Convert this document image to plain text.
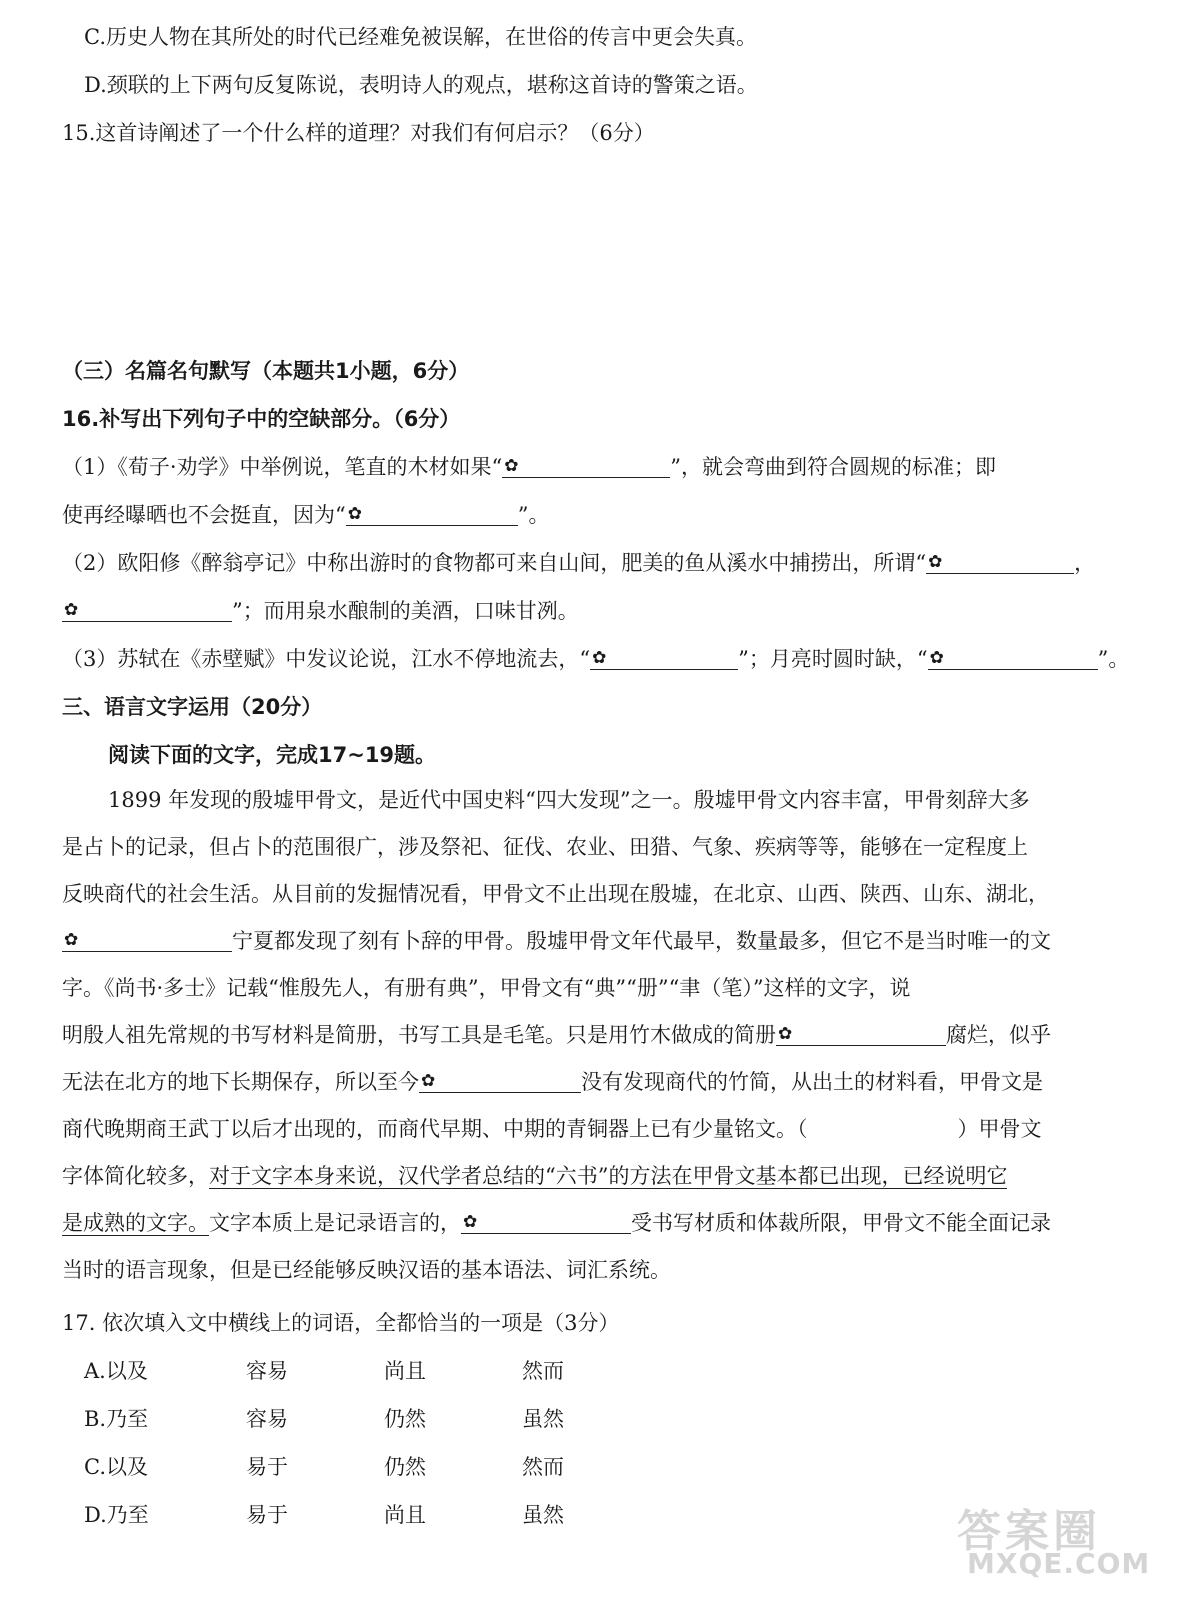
C.历史人物在其所处的时代已经难免被误解，在世俗的传言中更会失真。
D.颈联的上下两句反复陈说，表明诗人的观点，堪称这首诗的警策之语。
15.这首诗阐述了一个什么样的道理？对我们有何启示？（6分）
（三）名篇名句默写（本题共1小题，6分）
16.补写出下列句子中的空缺部分。（6分）
（1）《荀子·劝学》中举例说，笔直的木材如果“ ✿	”，就会弯曲到符合圆规的标准；即
使再经曝晒也不会挺直，因为“ ✿	”。
（2）欧阳修《醉翁亭记》中称出游时的食物都可来自山间，肥美的鱼从溪水中捕捞出，所谓“ ✿	，
✿	”；而用泉水酿制的美酒，口味甘冽。
（3）苏轼在《赤壁赋》中发议论说，江水不停地流去，“ ✿	”；月亮时圆时缺，“ ✿	”。
三、语言文字运用（20分）
阅读下面的文字，完成17~19题。
1899 年发现的殷墟甲骨文，是近代中国史料“四大发现”之一。殷墟甲骨文内容丰富，甲骨刻辞大多
是占卜的记录，但占卜的范围很广，涉及祭祀、征伐、农业、田猎、气象、疾病等等，能够在一定程度上
反映商代的社会生活。从目前的发掘情况看，甲骨文不止出现在殷墟，在北京、山西、陕西、山东、湖北，
✿	宁夏都发现了刻有卜辞的甲骨。殷墟甲骨文年代最早，数量最多，但它不是当时唯一的文
字。《尚书·多士》记载“惟殷先人，有册有典”，甲骨文有“典”“册”“聿（笔）”这样的文字，说
明殷人祖先常规的书写材料是简册，书写工具是毛笔。只是用竹木做成的简册 ✿	腐烂，似乎
无法在北方的地下长期保存，所以至今 ✿	没有发现商代的竹简，从出土的材料看，甲骨文是
商代晚期商王武丁以后才出现的，而商代早期、中期的青铜器上已有少量铭文。（	）甲骨文
字体简化较多，对于文字本身来说，汉代学者总结的“六书”的方法在甲骨文基本都已出现，已经说明它
是成熟的文字。文字本质上是记录语言的， ✿	受书写材质和体裁所限，甲骨文不能全面记录
当时的语言现象，但是已经能够反映汉语的基本语法、词汇系统。
17. 依次填入文中横线上的词语，全都恰当的一项是（3分）
A.以及	容易	尚且	然而
B.乃至	容易	仍然	虽然
C.以及	易于	仍然	然而
D.乃至	易于	尚且	虽然	答案圈
MXQE.COM
